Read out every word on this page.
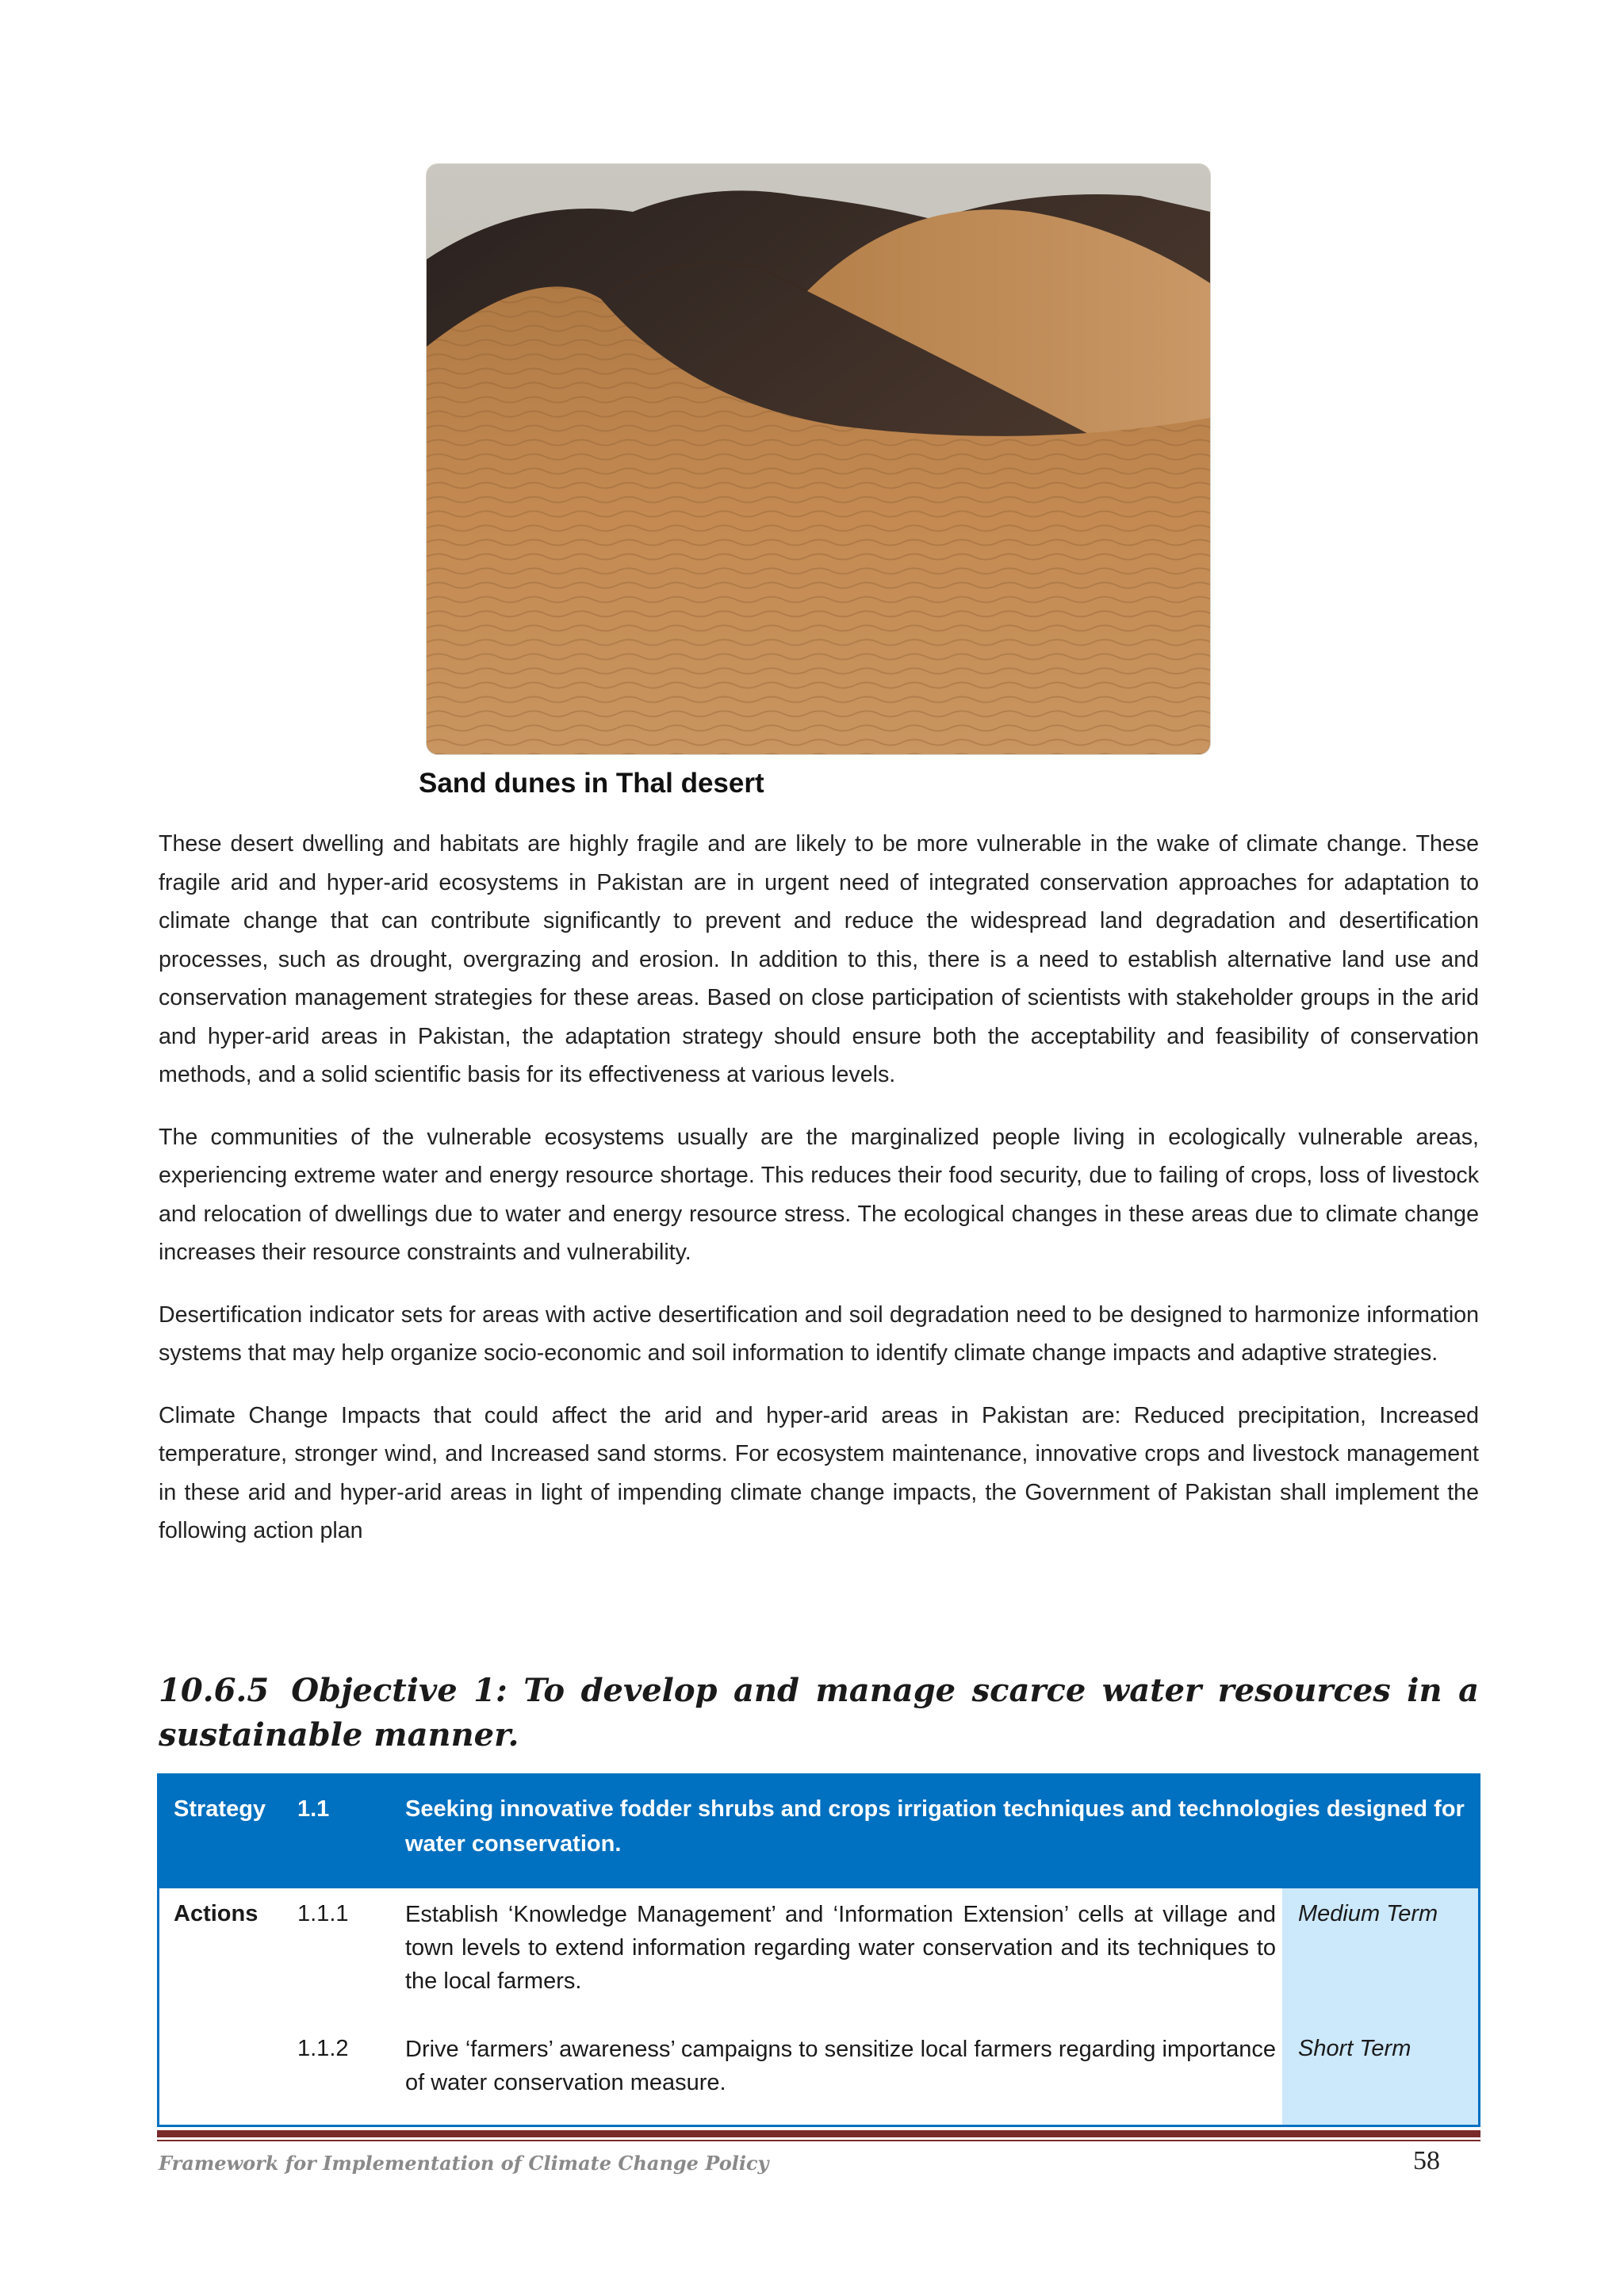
Sand dunes in Thal desert

These desert dwelling and habitats are highly fragile and are likely to be more vulnerable in the wake of climate change. These fragile arid and hyper-arid ecosystems in Pakistan are in urgent need of integrated conservation approaches for adaptation to climate change that can contribute significantly to prevent and reduce the widespread land degradation and desertification processes, such as drought, overgrazing and erosion. In addition to this, there is a need to establish alternative land use and conservation management strategies for these areas. Based on close participation of scientists with stakeholder groups in the arid and hyper-arid areas in Pakistan, the adaptation strategy should ensure both the acceptability and feasibility of conservation methods, and a solid scientific basis for its effectiveness at various levels.

The communities of the vulnerable ecosystems usually are the marginalized people living in ecologically vulnerable areas, experiencing extreme water and energy resource shortage. This reduces their food security, due to failing of crops, loss of livestock and relocation of dwellings due to water and energy resource stress. The ecological changes in these areas due to climate change increases their resource constraints and vulnerability.

Desertification indicator sets for areas with active desertification and soil degradation need to be designed to harmonize information systems that may help organize socio-economic and soil information to identify climate change impacts and adaptive strategies.

Climate Change Impacts that could affect the arid and hyper-arid areas in Pakistan are: Reduced precipitation, Increased temperature, stronger wind, and Increased sand storms. For ecosystem maintenance, innovative crops and livestock management in these arid and hyper-arid areas in light of impending climate change impacts, the Government of Pakistan shall implement the following action plan

10.6.5 Objective 1: To develop and manage scarce water resources in a sustainable manner.
Strategy 1.1	Seeking innovative fodder shrubs and crops irrigation techniques and technologies designed for water conservation.
Actions 1.1.1 Establish ‘Knowledge Management’ and ‘Information Extension’ cells at village and town levels to extend information regarding water conservation and its techniques to the local farmers.
Medium Term
1.1.2 Drive ‘farmers’ awareness’ campaigns to sensitize local farmers regarding importance of water conservation measure.
Short Term
Framework for Implementation of Climate Change Policy	58
